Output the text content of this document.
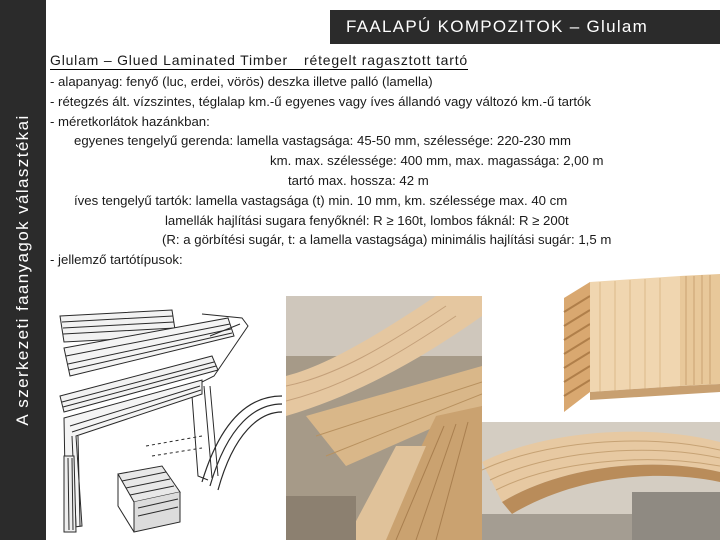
A szerkezeti faanyagok választékai
FAALAPÚ KOMPOZITOK – Glulam
Glulam – Glued Laminated Timber rétegelt ragasztott tartó
- alapanyag: fenyő (luc, erdei, vörös) deszka illetve palló (lamella)
- rétegzés ált. vízszintes, téglalap km.-ű egyenes vagy íves állandó vagy változó km.-ű tartók
- méretkorlátok hazánkban:
egyenes tengelyű gerenda: lamella vastagsága: 45-50 mm, szélessége: 220-230 mm
km. max. szélessége: 400 mm, max. magassága: 2,00 m
tartó max. hossza: 42 m
íves tengelyű tartók: lamella vastagsága (t) min. 10 mm, km. szélessége max. 40 cm
lamellák hajlítási sugara fenyőknél: R ≥ 160t, lombos fáknál: R ≥ 200t
(R: a görbítési sugár, t: a lamella vastagsága) minimális hajlítási sugár: 1,5 m
- jellemző tartótípusok:
